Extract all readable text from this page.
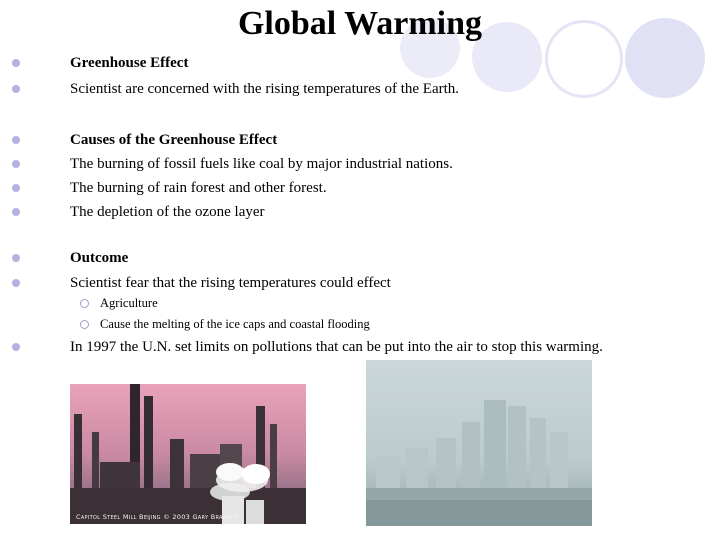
Global Warming
Greenhouse Effect
Scientist are concerned with the rising temperatures of the Earth.
Causes of the Greenhouse Effect
The burning of fossil fuels like coal by major industrial nations.
The burning of rain forest and other forest.
The depletion of the ozone layer
Outcome
Scientist fear that the rising temperatures could effect
Agriculture
Cause the melting of the ice caps and coastal flooding
In 1997 the U.N. set limits on pollutions that can be put into the air to stop this warming.
Capitol Steel Mill Beijing © 2003 Gary Braasch
